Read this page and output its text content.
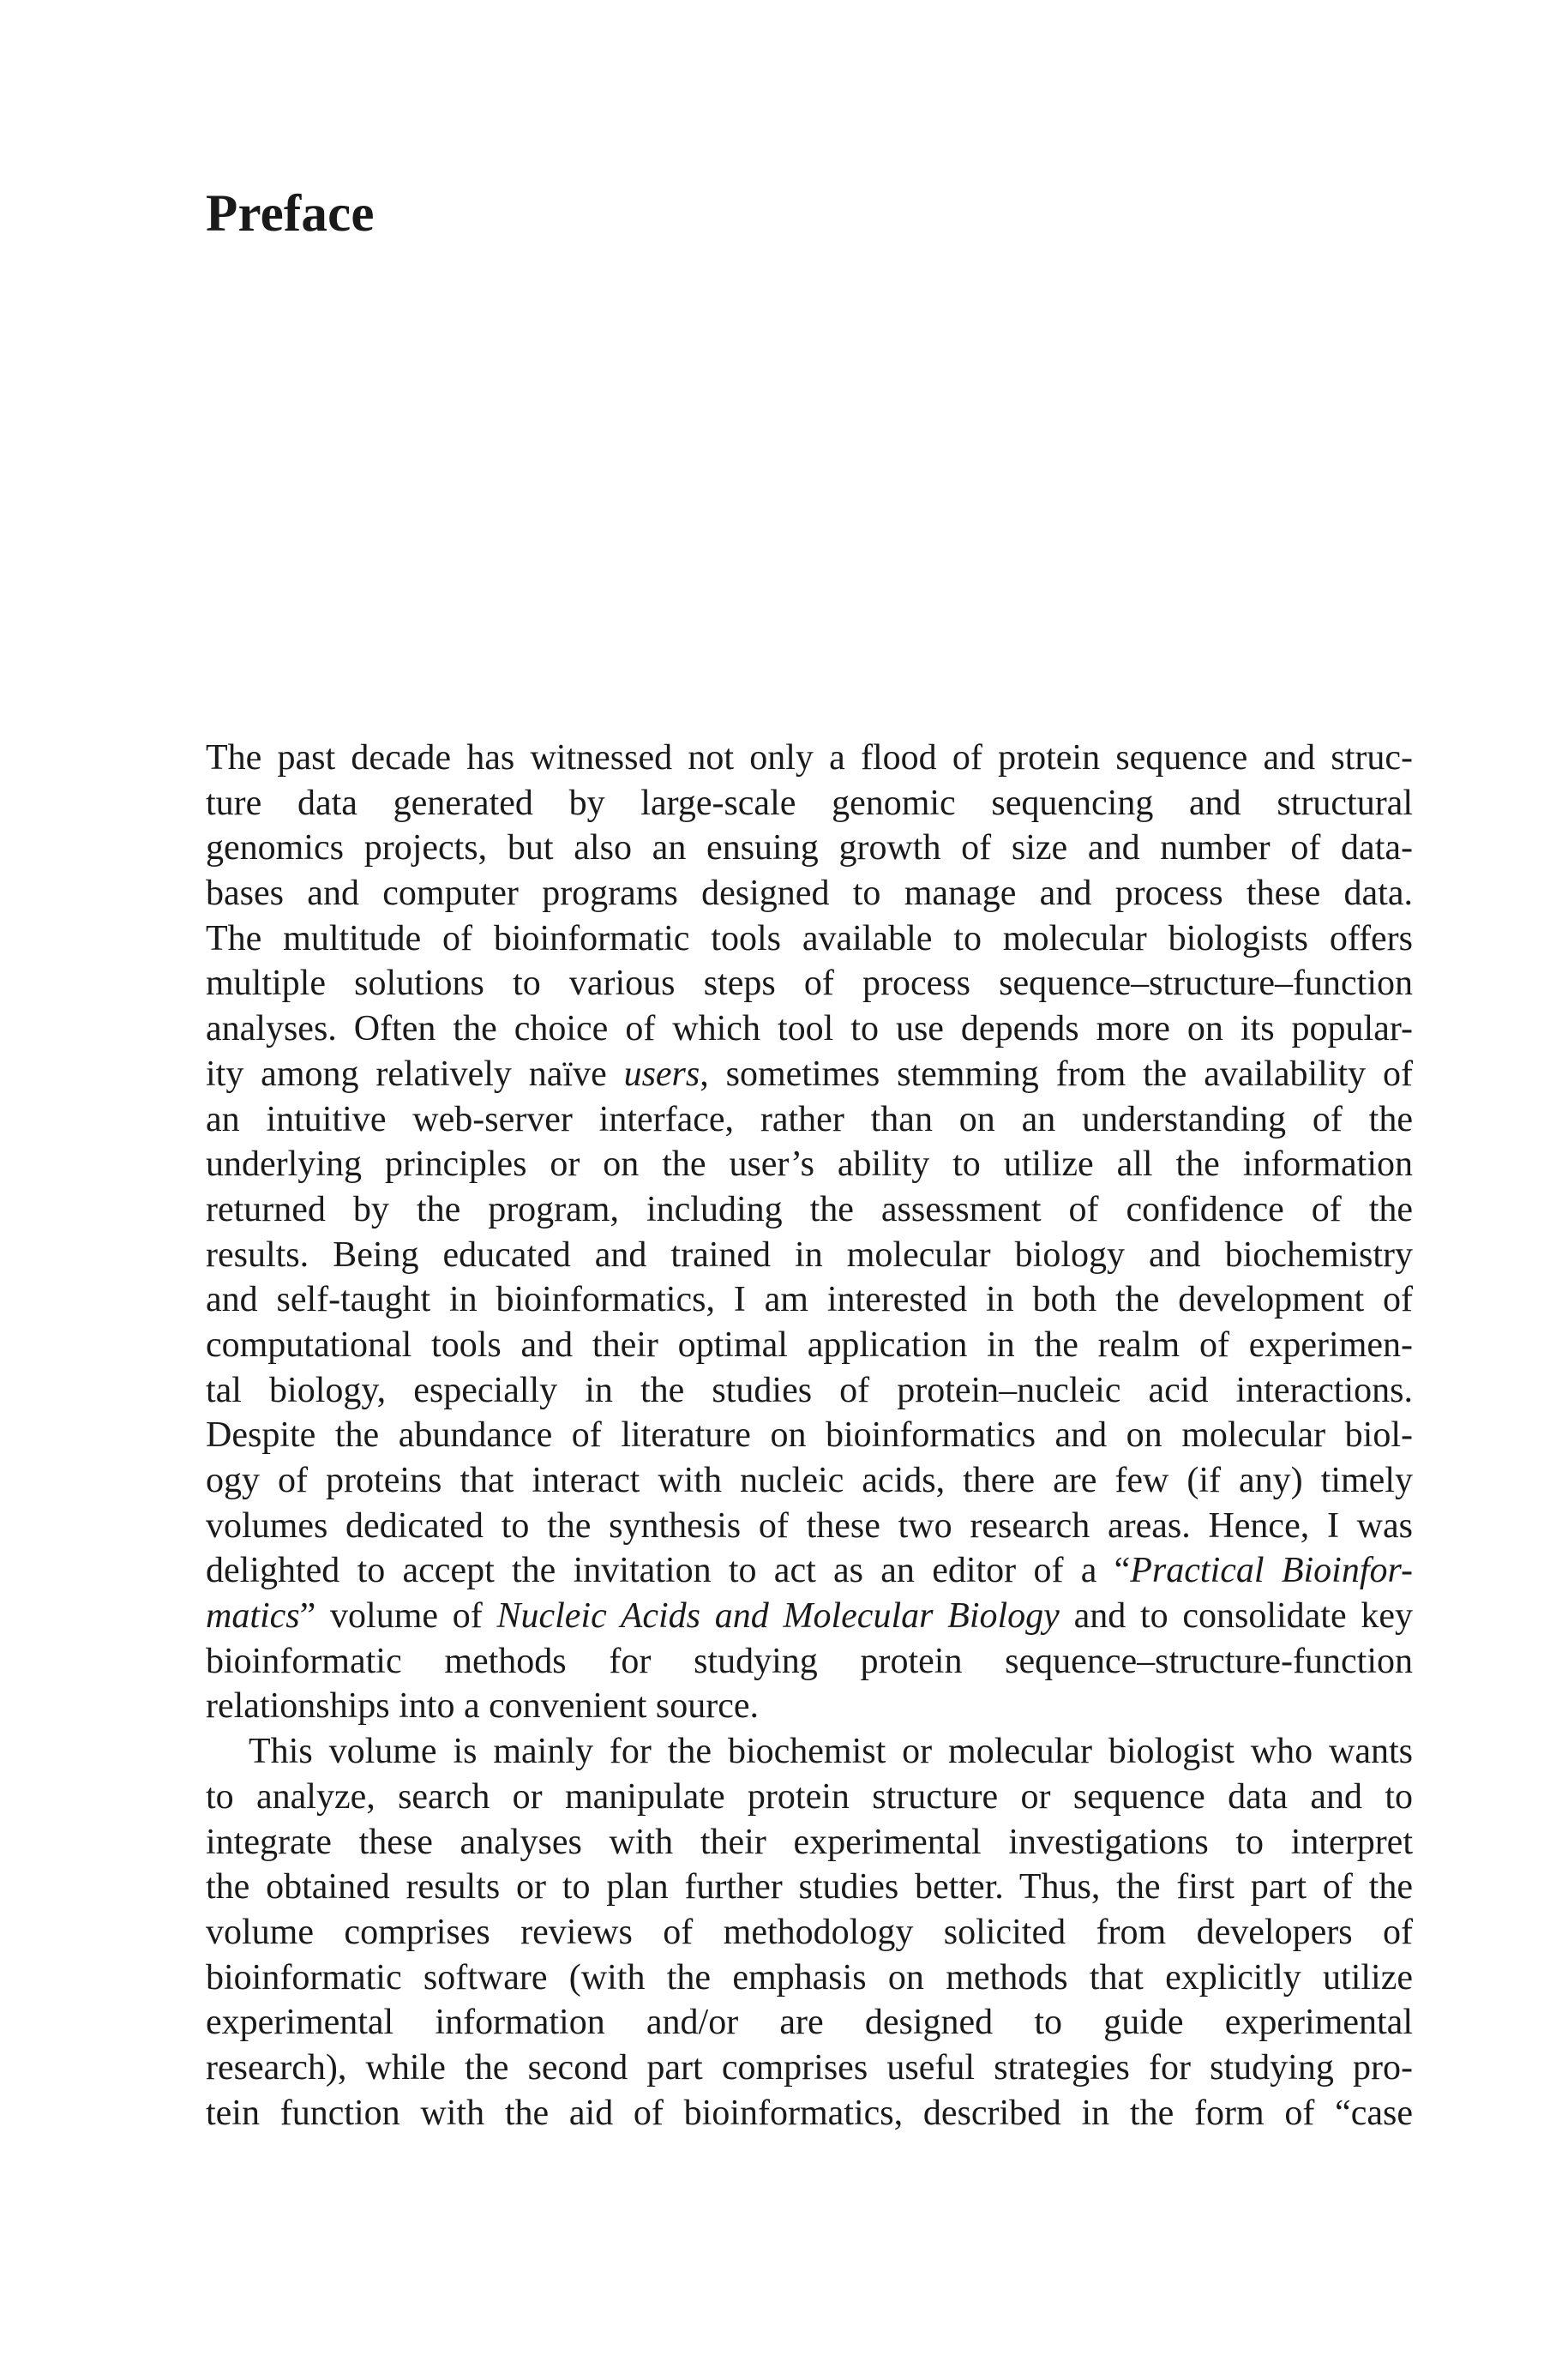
Preface
The past decade has witnessed not only a flood of protein sequence and struc-
ture data generated by large-scale genomic sequencing and structural
genomics projects, but also an ensuing growth of size and number of data-
bases and computer programs designed to manage and process these data.
The multitude of bioinformatic tools available to molecular biologists offers
multiple solutions to various steps of process sequence–structure–function
analyses. Often the choice of which tool to use depends more on its popular-
ity among relatively naïve users, sometimes stemming from the availability of
an intuitive web-server interface, rather than on an understanding of the
underlying principles or on the user’s ability to utilize all the information
returned by the program, including the assessment of confidence of the
results. Being educated and trained in molecular biology and biochemistry
and self-taught in bioinformatics, I am interested in both the development of
computational tools and their optimal application in the realm of experimen-
tal biology, especially in the studies of protein–nucleic acid interactions.
Despite the abundance of literature on bioinformatics and on molecular biol-
ogy of proteins that interact with nucleic acids, there are few (if any) timely
volumes dedicated to the synthesis of these two research areas. Hence, I was
delighted to accept the invitation to act as an editor of a “Practical Bioinfor-
matics” volume of Nucleic Acids and Molecular Biology and to consolidate key
bioinformatic methods for studying protein sequence–structure-function
relationships into a convenient source.
This volume is mainly for the biochemist or molecular biologist who wants
to analyze, search or manipulate protein structure or sequence data and to
integrate these analyses with their experimental investigations to interpret
the obtained results or to plan further studies better. Thus, the first part of the
volume comprises reviews of methodology solicited from developers of
bioinformatic software (with the emphasis on methods that explicitly utilize
experimental information and/or are designed to guide experimental
research), while the second part comprises useful strategies for studying pro-
tein function with the aid of bioinformatics, described in the form of “case
